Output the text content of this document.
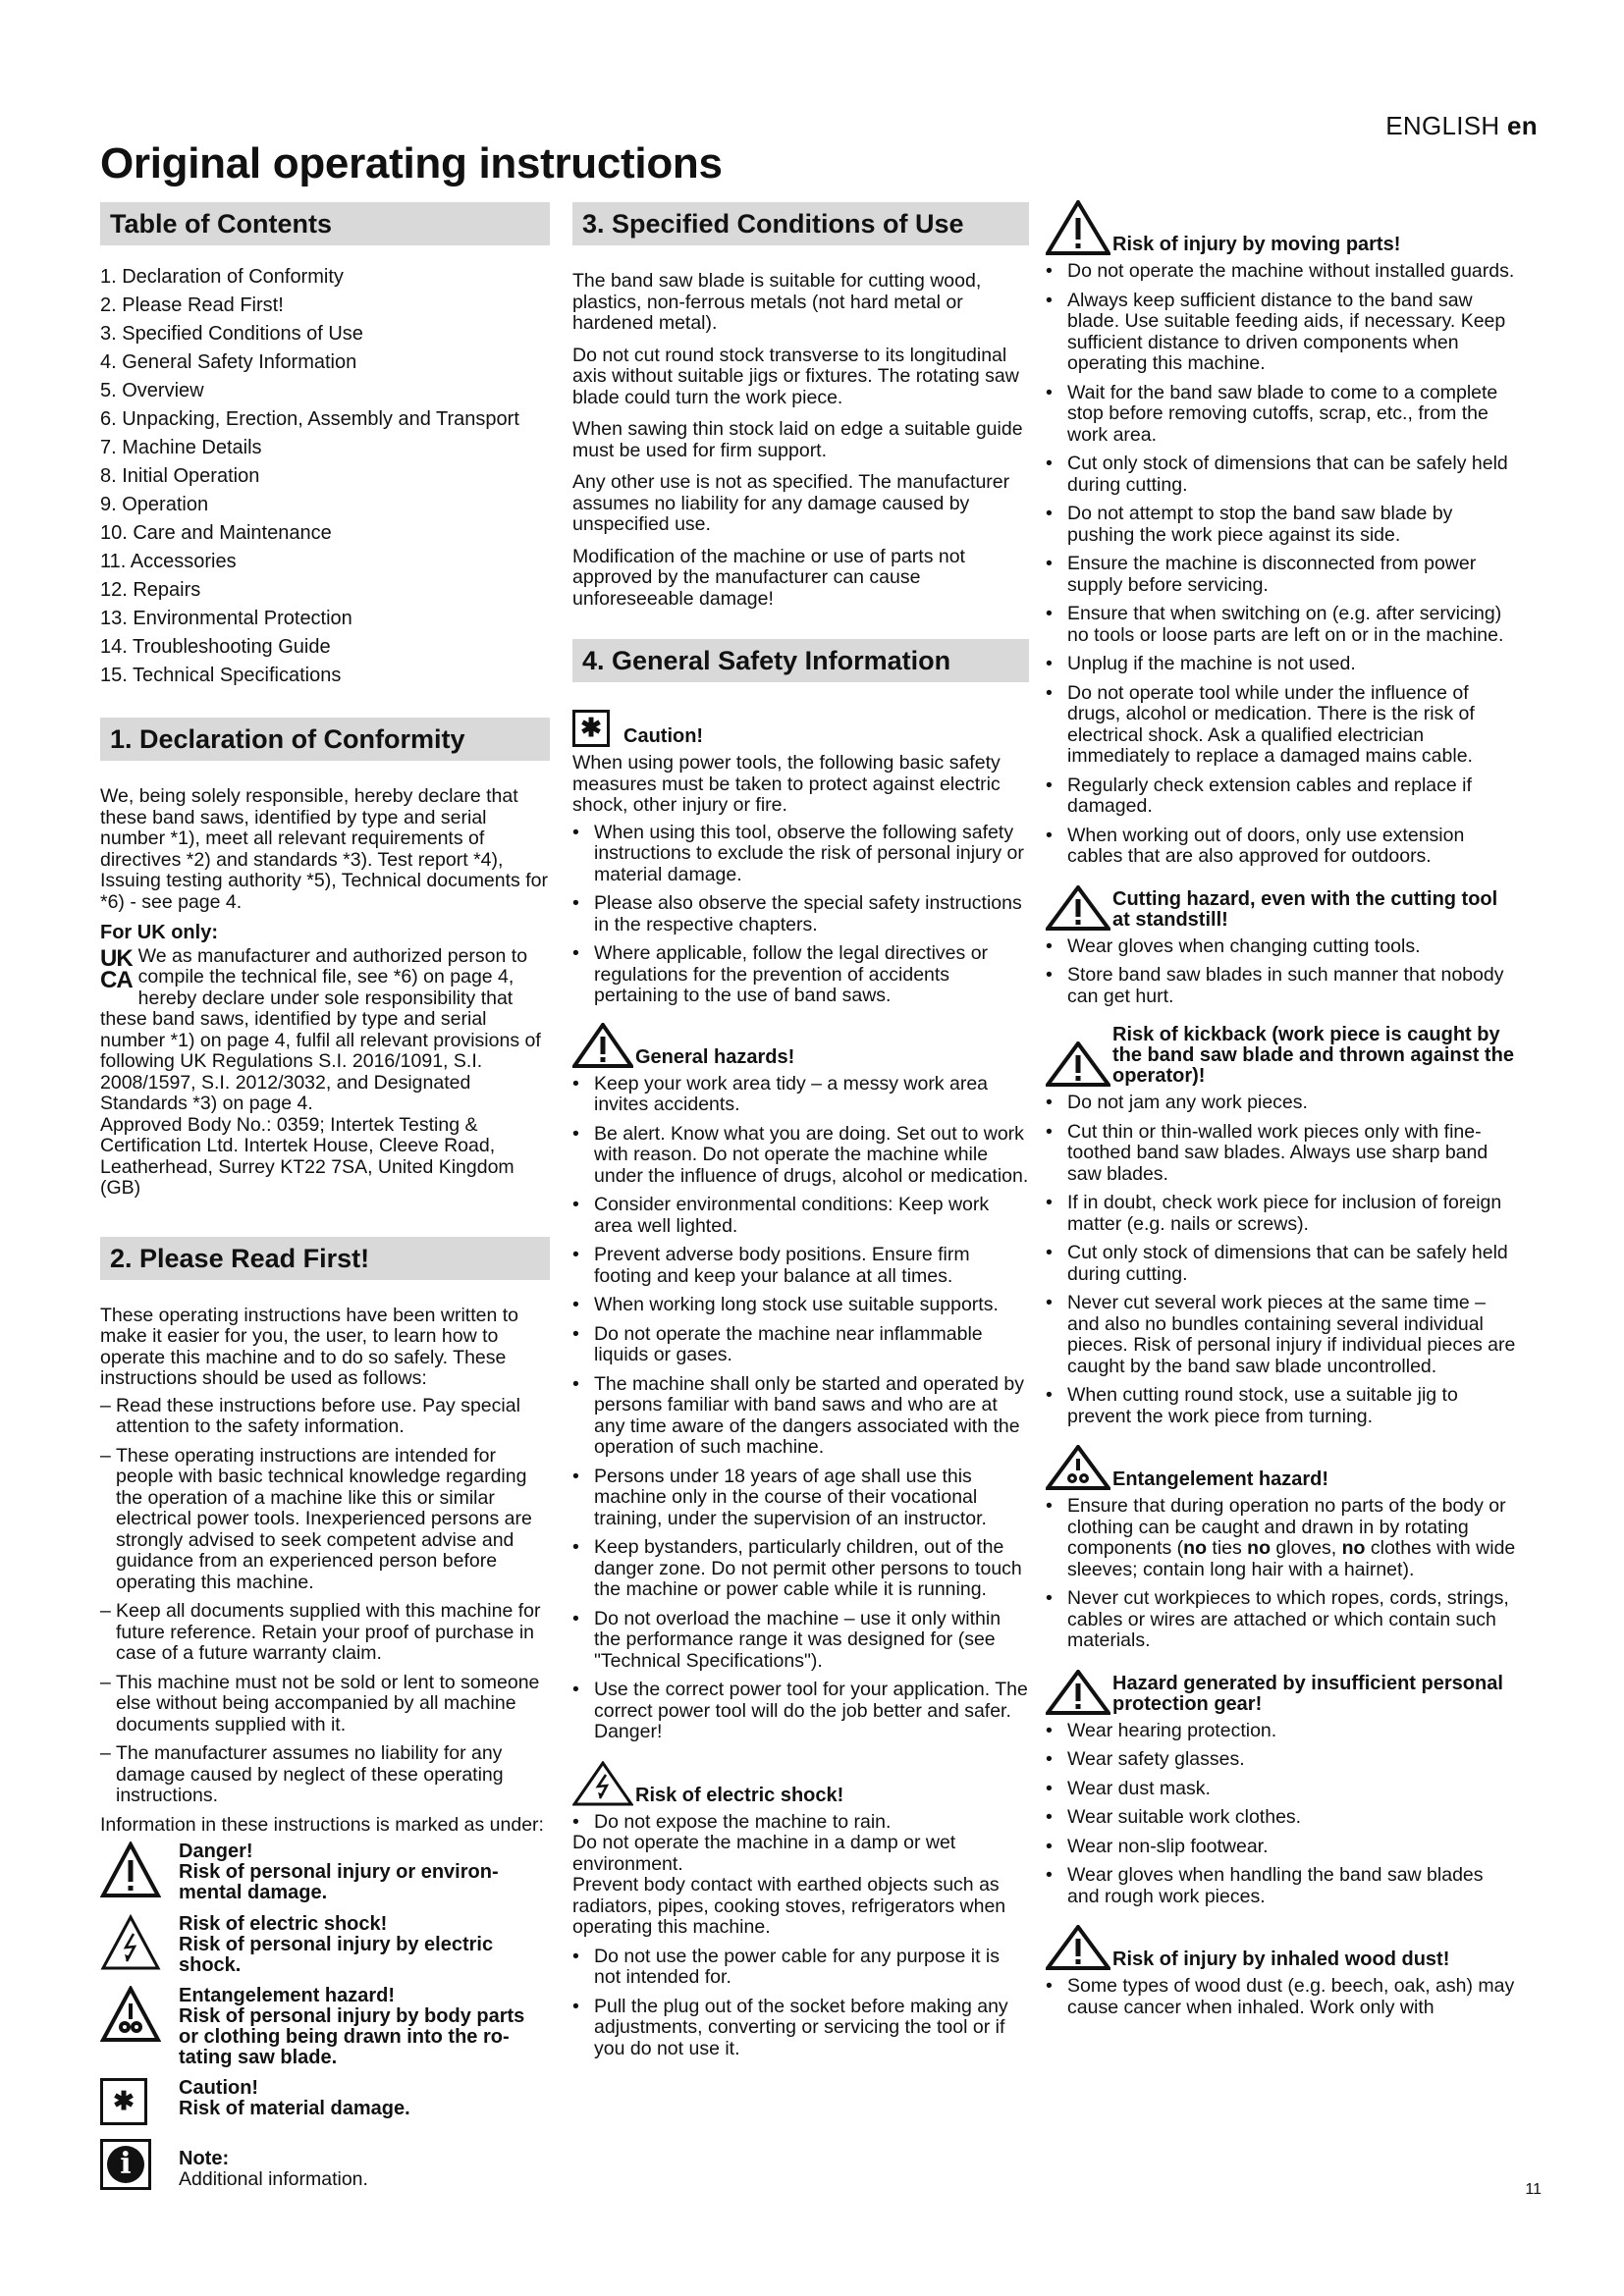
ENGLISH en
Original operating instructions
Table of Contents
1. Declaration of Conformity
2. Please Read First!
3. Specified Conditions of Use
4. General Safety Information
5. Overview
6. Unpacking, Erection, Assembly and Transport
7. Machine Details
8. Initial Operation
9. Operation
10. Care and Maintenance
11. Accessories
12. Repairs
13. Environmental Protection
14. Troubleshooting Guide
15. Technical Specifications
1. Declaration of Conformity

We, being solely responsible, hereby declare that these band saws, identified by type and serial number *1), meet all relevant requirements of directives *2) and standards *3). Test report *4), Issuing testing authority *5), Technical documents for *6) - see page 4.

For UK only:
UK
CA
We as manufacturer and authorized person to compile the technical file, see *6) on page 4, hereby declare under sole responsibility that these band saws, identified by type and serial number *1) on page 4, fulfil all relevant provisions of following UK Regulations S.I. 2016/1091, S.I. 2008/1597, S.I. 2012/3032, and Designated Standards *3) on page 4.

Approved Body No.: 0359; Intertek Testing & Certification Ltd. Intertek House, Cleeve Road, Leatherhead, Surrey KT22 7SA, United Kingdom (GB)

2. Please Read First!

These operating instructions have been written to make it easier for you, the user, to learn how to operate this machine and to do so safely. These instructions should be used as follows:

– Read these instructions before use. Pay special attention to the safety information.
– These operating instructions are intended for people with basic technical knowledge regarding the operation of a machine like this or similar electrical power tools. Inexperienced persons are strongly advised to seek competent advise and guidance from an experienced person before operating this machine.
– Keep all documents supplied with this machine for future reference. Retain your proof of purchase in case of a future warranty claim.
– This machine must not be sold or lent to someone else without being accompanied by all machine documents supplied with it.
– The manufacturer assumes no liability for any damage caused by neglect of these operating instructions.

Information in these instructions is marked as under:

Danger!
Risk of personal injury or environ-
mental damage.
Risk of electric shock!
Risk of personal injury by electric
shock.
Entangelement hazard!
Risk of personal injury by body parts
or clothing being drawn into the ro-
tating saw blade.
✱	Caution!
Risk of material damage.
i	Note:
Additional information.
3. Specified Conditions of Use

The band saw blade is suitable for cutting wood, plastics, non-ferrous metals (not hard metal or hardened metal).

Do not cut round stock transverse to its longitudinal axis without suitable jigs or fixtures. The rotating saw blade could turn the work piece.

When sawing thin stock laid on edge a suitable guide must be used for firm support.

Any other use is not as specified. The manufacturer assumes no liability for any damage caused by unspecified use.

Modification of the machine or use of parts not approved by the manufacturer can cause unforeseeable damage!

4. General Safety Information
✱	Caution!

When using power tools, the following basic safety measures must be taken to protect against electric shock, other injury or fire.

• When using this tool, observe the following safety instructions to exclude the risk of personal injury or material damage.
• Please also observe the special safety instructions in the respective chapters.
• Where applicable, follow the legal directives or regulations for the prevention of accidents pertaining to the use of band saws.
General hazards!
• Keep your work area tidy – a messy work area invites accidents.
• Be alert. Know what you are doing. Set out to work with reason. Do not operate the machine while under the influence of drugs, alcohol or medication.
• Consider environmental conditions: Keep work area well lighted.
• Prevent adverse body positions. Ensure firm footing and keep your balance at all times.
• When working long stock use suitable supports.
• Do not operate the machine near inflammable liquids or gases.
• The machine shall only be started and operated by persons familiar with band saws and who are at any time aware of the dangers associated with the operation of such machine.
• Persons under 18 years of age shall use this machine only in the course of their vocational training, under the supervision of an instructor.
• Keep bystanders, particularly children, out of the danger zone. Do not permit other persons to touch the machine or power cable while it is running.
• Do not overload the machine – use it only within the performance range it was designed for (see "Technical Specifications").
• Use the correct power tool for your application. The correct power tool will do the job better and safer. Danger!
Risk of electric shock!
• Do not expose the machine to rain.
Do not operate the machine in a damp or wet environment.
Prevent body contact with earthed objects such as radiators, pipes, cooking stoves, refrigerators when operating this machine.
• Do not use the power cable for any purpose it is not intended for.
• Pull the plug out of the socket before making any adjustments, converting or servicing the tool or if you do not use it.
Risk of injury by moving parts!
• Do not operate the machine without installed guards.
• Always keep sufficient distance to the band saw blade. Use suitable feeding aids, if necessary. Keep sufficient distance to driven components when operating this machine.
• Wait for the band saw blade to come to a complete stop before removing cutoffs, scrap, etc., from the work area.
• Cut only stock of dimensions that can be safely held during cutting.
• Do not attempt to stop the band saw blade by pushing the work piece against its side.
• Ensure the machine is disconnected from power supply before servicing.
• Ensure that when switching on (e.g. after servicing) no tools or loose parts are left on or in the machine.
• Unplug if the machine is not used.
• Do not operate tool while under the influence of drugs, alcohol or medication. There is the risk of electrical shock. Ask a qualified electrician immediately to replace a damaged mains cable.
• Regularly check extension cables and replace if damaged.
• When working out of doors, only use extension cables that are also approved for outdoors.
Cutting hazard, even with the cutting tool at standstill!
• Wear gloves when changing cutting tools.
• Store band saw blades in such manner that nobody can get hurt.
Risk of kickback (work piece is caught by the band saw blade and thrown against the operator)!
• Do not jam any work pieces.
• Cut thin or thin-walled work pieces only with fine-toothed band saw blades. Always use sharp band saw blades.
• If in doubt, check work piece for inclusion of foreign matter (e.g. nails or screws).
• Cut only stock of dimensions that can be safely held during cutting.
• Never cut several work pieces at the same time – and also no bundles containing several individual pieces. Risk of personal injury if individual pieces are caught by the band saw blade uncontrolled.
• When cutting round stock, use a suitable jig to prevent the work piece from turning.
Entangelement hazard!
• Ensure that during operation no parts of the body or clothing can be caught and drawn in by rotating components (no ties no gloves, no clothes with wide sleeves; contain long hair with a hairnet).
• Never cut workpieces to which ropes, cords, strings, cables or wires are attached or which contain such materials.
Hazard generated by insufficient personal protection gear!
• Wear hearing protection.
• Wear safety glasses.
• Wear dust mask.
• Wear suitable work clothes.
• Wear non-slip footwear.
• Wear gloves when handling the band saw blades and rough work pieces.
Risk of injury by inhaled wood dust!
• Some types of wood dust (e.g. beech, oak, ash) may cause cancer when inhaled. Work only with
11
